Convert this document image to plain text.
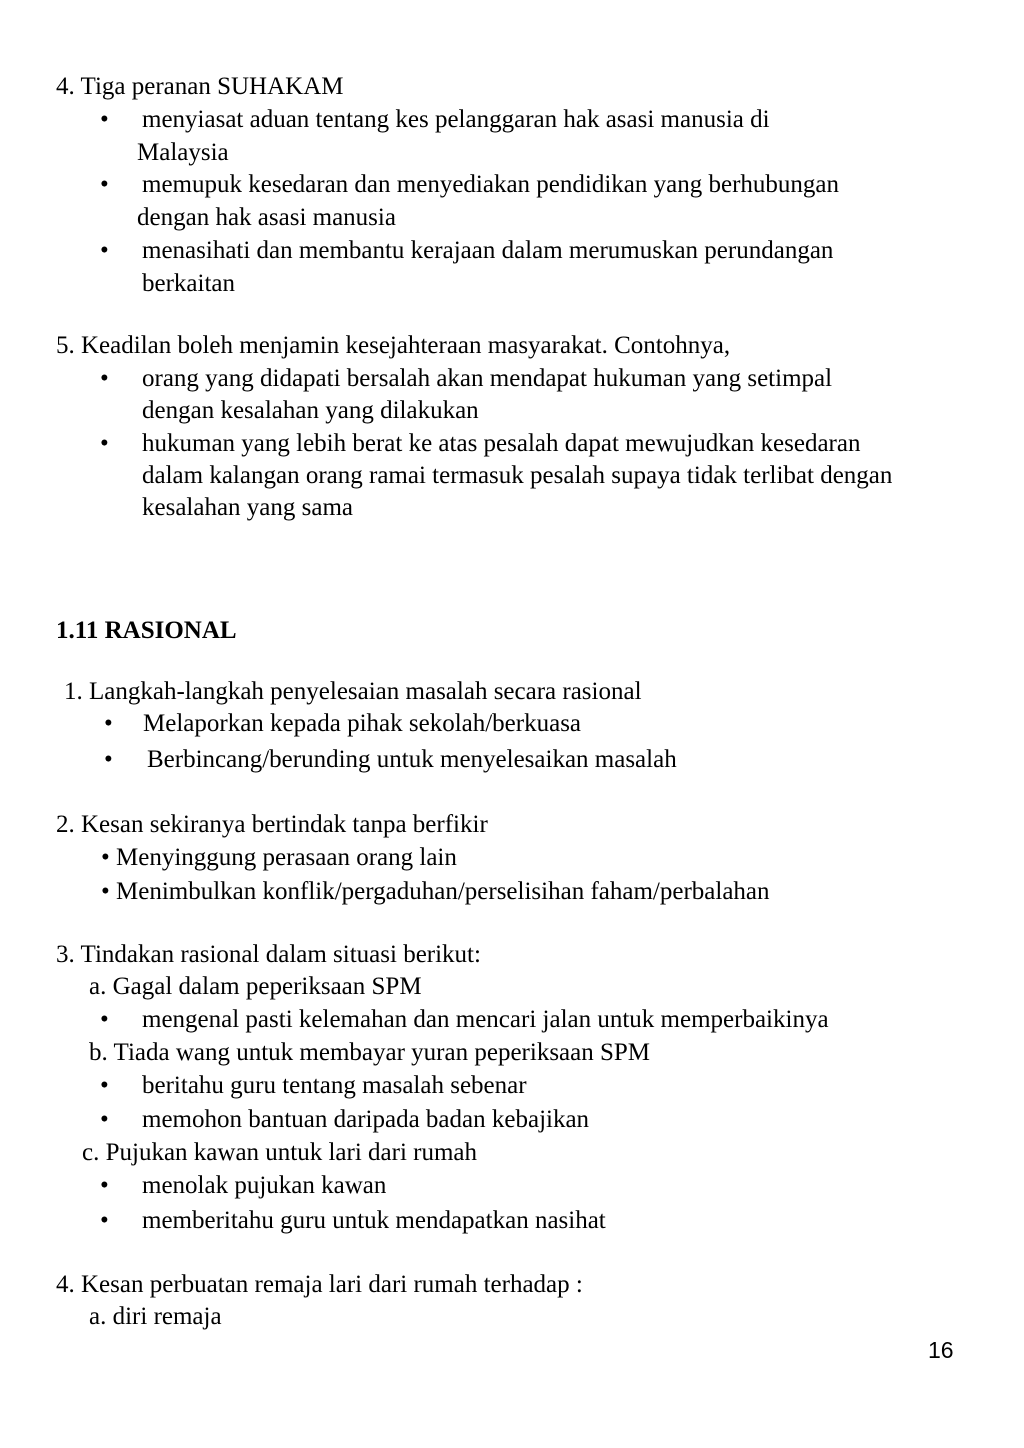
4. Tiga peranan SUHAKAM
• menyiasat aduan tentang kes pelanggaran hak asasi manusia di
Malaysia
• memupuk kesedaran dan menyediakan pendidikan yang berhubungan
dengan hak asasi manusia
• menasihati dan membantu kerajaan dalam merumuskan perundangan
berkaitan
5. Keadilan boleh menjamin kesejahteraan masyarakat. Contohnya,
• orang yang didapati bersalah akan mendapat hukuman yang setimpal
dengan kesalahan yang dilakukan
• hukuman yang lebih berat ke atas pesalah dapat mewujudkan kesedaran
dalam kalangan orang ramai termasuk pesalah supaya tidak terlibat dengan
kesalahan yang sama
1.11 RASIONAL
1. Langkah-langkah penyelesaian masalah secara rasional
• Melaporkan kepada pihak sekolah/berkuasa
• Berbincang/berunding untuk menyelesaikan masalah
2. Kesan sekiranya bertindak tanpa berfikir
• Menyinggung perasaan orang lain
• Menimbulkan konflik/pergaduhan/perselisihan faham/perbalahan
3. Tindakan rasional dalam situasi berikut:
a. Gagal dalam peperiksaan SPM
• mengenal pasti kelemahan dan mencari jalan untuk memperbaikinya
b. Tiada wang untuk membayar yuran peperiksaan SPM
• beritahu guru tentang masalah sebenar
• memohon bantuan daripada badan kebajikan
c. Pujukan kawan untuk lari dari rumah
• menolak pujukan kawan
• memberitahu guru untuk mendapatkan nasihat
4. Kesan perbuatan remaja lari dari rumah terhadap :
a. diri remaja
16
